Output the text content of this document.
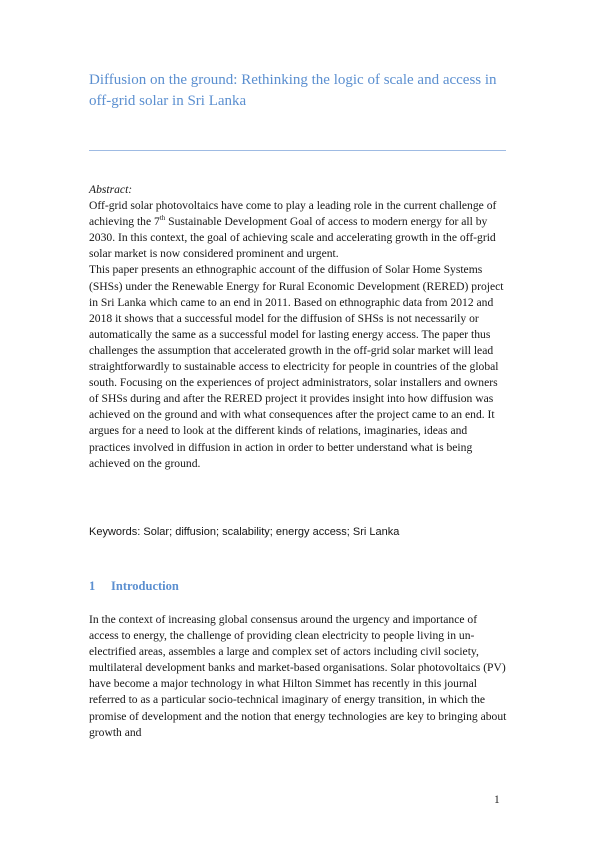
Diffusion on the ground: Rethinking the logic of scale and access in off-grid solar in Sri Lanka

Abstract:
Off-grid solar photovoltaics have come to play a leading role in the current challenge of achieving the 7th Sustainable Development Goal of access to modern energy for all by 2030. In this context, the goal of achieving scale and accelerating growth in the off-grid solar market is now considered prominent and urgent.

This paper presents an ethnographic account of the diffusion of Solar Home Systems (SHSs) under the Renewable Energy for Rural Economic Development (RERED) project in Sri Lanka which came to an end in 2011. Based on ethnographic data from 2012 and 2018 it shows that a successful model for the diffusion of SHSs is not necessarily or automatically the same as a successful model for lasting energy access. The paper thus challenges the assumption that accelerated growth in the off-grid solar market will lead straightforwardly to sustainable access to electricity for people in countries of the global south. Focusing on the experiences of project administrators, solar installers and owners of SHSs during and after the RERED project it provides insight into how diffusion was achieved on the ground and with what consequences after the project came to an end. It argues for a need to look at the different kinds of relations, imaginaries, ideas and practices involved in diffusion in action in order to better understand what is being achieved on the ground.

Keywords: Solar; diffusion; scalability; energy access; Sri Lanka
1 Introduction

In the context of increasing global consensus around the urgency and importance of access to energy, the challenge of providing clean electricity to people living in un-electrified areas, assembles a large and complex set of actors including civil society, multilateral development banks and market-based organisations. Solar photovoltaics (PV) have become a major technology in what Hilton Simmet has recently in this journal referred to as a particular socio-technical imaginary of energy transition, in which the promise of development and the notion that energy technologies are key to bringing about growth and

1
